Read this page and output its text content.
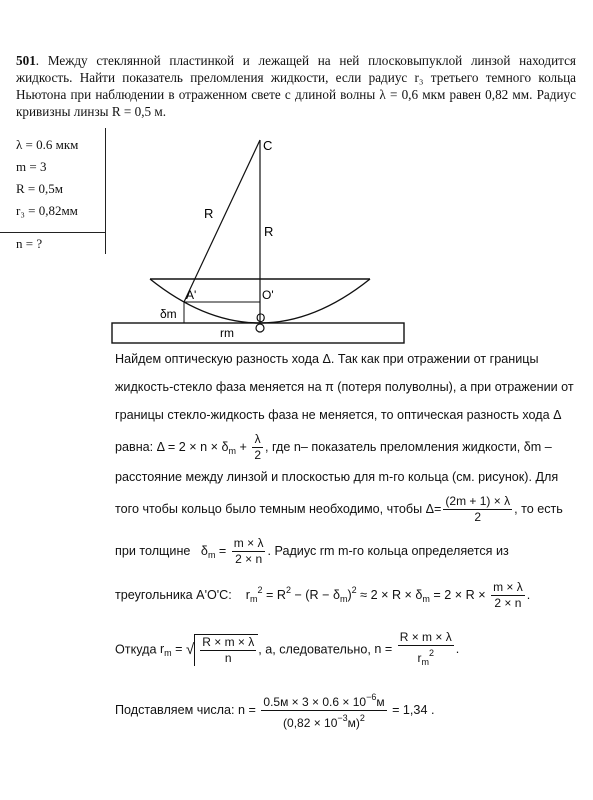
501. Между стеклянной пластинкой и лежащей на ней плосковыпуклой линзой находится жидкость. Найти показатель преломления жидкости, если радиус r₃ третьего темного кольца Ньютона при наблюдении в отраженном свете с длиной волны λ = 0,6 мкм равен 0,82 мм. Радиус кривизны линзы R = 0,5 м.
λ = 0.6 мкм
m = 3
R = 0,5м
r₃ = 0,82мм
n = ?
C
R
R
A'	O'
δm
rm
O
Найдем оптическую разность хода Δ. Так как при отражении от границы
жидкость-стекло фаза меняется на π (потеря полуволны), а при отражении от
границы стекло-жидкость фаза не меняется, то оптическая разность хода Δ
равна: $\Delta = 2 \times n \times \delta_m + \frac{\lambda}{2}$ , где n– показатель преломления жидкости, δm –
расстояние между линзой и плоскостью для m-го кольца (см. рисунок). Для
того чтобы кольцо было темным необходимо, чтобы $\Delta= \frac{(2m + 1) \times \lambda}{2}$ , то есть
при толщине   $\delta_m = \frac{m \times \lambda}{2 \times n}$ . Радиус rm m-го кольца определяется из
треугольника A'O'C:    $r_m^2 = R^2 - (R - \delta_m)^2 \approx 2 \times R \times \delta_m = 2 \times R \times \frac{m \times \lambda}{2 \times n}$ .
Откуда $r_m$ = √ $\frac{R \times m \times \lambda}{n}$ , а, следовательно, $n = \frac{R \times m \times \lambda}{r_m^2}$ .
Подставляем числа: $n = \frac{0.5м \times 3 \times 0.6 \times 10^{-6}м}{(0,82 \times 10^{-3}м)^2} = 1,34$ .
